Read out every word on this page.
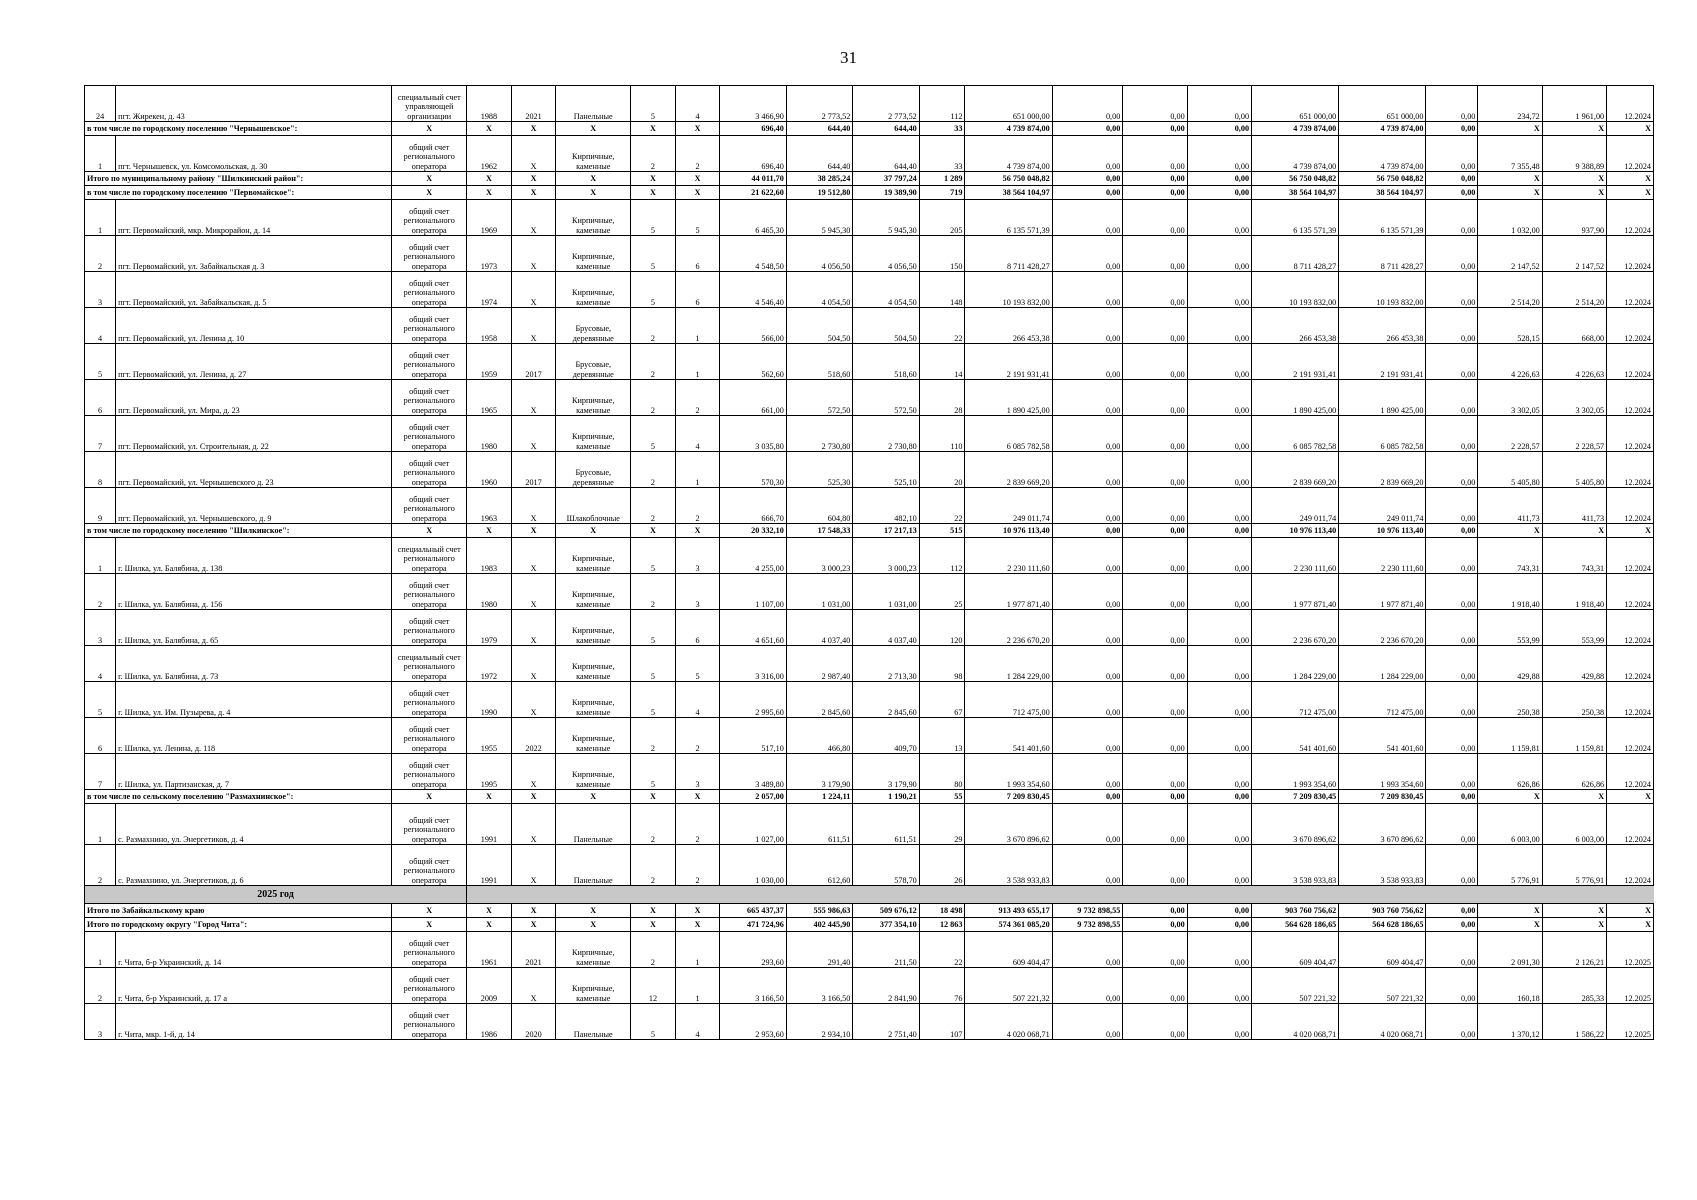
31
24	пгт. Жирекен, д. 43	специальный счет управляющей организации	1988	2021	Панельные	5	4	3 466,90	2 773,52	2 773,52	112	651 000,00	0,00	0,00	0,00	651 000,00	651 000,00	0,00	234,72	1 961,00	12.2024
в том числе по городскому поселению "Чернышевское":		X	X	X	X	X	X	696,40	644,40	644,40	33	4 739 874,00	0,00	0,00	0,00	4 739 874,00	4 739 874,00	0,00	X	X	X
1	пгт. Чернышевск, ул. Комсомольская, д. 30	общий счет регионального оператора	1962	X	Кирпичные, каменные	2	2	696,40	644,40	644,40	33	4 739 874,00	0,00	0,00	0,00	4 739 874,00	4 739 874,00	0,00	7 355,48	9 388,89	12.2024
Итого по муниципальному району "Шилкинский район":		X	X	X	X	X	X	44 011,70	38 285,24	37 797,24	1 289	56 750 048,82	0,00	0,00	0,00	56 750 048,82	56 750 048,82	0,00	X	X	X
в том числе по городскому поселению "Первомайское":		X	X	X	X	X	X	21 622,60	19 512,80	19 389,90	719	38 564 104,97	0,00	0,00	0,00	38 564 104,97	38 564 104,97	0,00	X	X	X
1	пгт. Первомайский, мкр. Микрорайон, д. 14	общий счет регионального оператора	1969	X	Кирпичные, каменные	5	5	6 465,30	5 945,30	5 945,30	205	6 135 571,39	0,00	0,00	0,00	6 135 571,39	6 135 571,39	0,00	1 032,00	937,90	12.2024
2	пгт. Первомайский, ул. Забайкальская д. 3	общий счет регионального оператора	1973	X	Кирпичные, каменные	5	6	4 548,50	4 056,50	4 056,50	150	8 711 428,27	0,00	0,00	0,00	8 711 428,27	8 711 428,27	0,00	2 147,52	2 147,52	12.2024
3	пгт. Первомайский, ул. Забайкальская, д. 5	общий счет регионального оператора	1974	X	Кирпичные, каменные	5	6	4 546,40	4 054,50	4 054,50	148	10 193 832,00	0,00	0,00	0,00	10 193 832,00	10 193 832,00	0,00	2 514,20	2 514,20	12.2024
4	пгт. Первомайский, ул. Ленина д. 10	общий счет регионального оператора	1958	X	Брусовые, деревянные	2	1	566,00	504,50	504,50	22	266 453,38	0,00	0,00	0,00	266 453,38	266 453,38	0,00	528,15	668,00	12.2024
5	пгт. Первомайский, ул. Ленина, д. 27	общий счет регионального оператора	1959	2017	Брусовые, деревянные	2	1	562,60	518,60	518,60	14	2 191 931,41	0,00	0,00	0,00	2 191 931,41	2 191 931,41	0,00	4 226,63	4 226,63	12.2024
6	пгт. Первомайский, ул. Мира, д. 23	общий счет регионального оператора	1965	X	Кирпичные, каменные	2	2	661,00	572,50	572,50	28	1 890 425,00	0,00	0,00	0,00	1 890 425,00	1 890 425,00	0,00	3 302,05	3 302,05	12.2024
7	пгт. Первомайский, ул. Строительная, д. 22	общий счет регионального оператора	1980	X	Кирпичные, каменные	5	4	3 035,80	2 730,80	2 730,80	110	6 085 782,58	0,00	0,00	0,00	6 085 782,58	6 085 782,58	0,00	2 228,57	2 228,57	12.2024
8	пгт. Первомайский, ул. Чернышевского д. 23	общий счет регионального оператора	1960	2017	Брусовые, деревянные	2	1	570,30	525,30	525,10	20	2 839 669,20	0,00	0,00	0,00	2 839 669,20	2 839 669,20	0,00	5 405,80	5 405,80	12.2024
9	пгт. Первомайский, ул. Чернышевского, д. 9	общий счет регионального оператора	1963	X	Шлакоблочные	2	2	666,70	604,80	482,10	22	249 011,74	0,00	0,00	0,00	249 011,74	249 011,74	0,00	411,73	411,73	12.2024
в том числе по городскому поселению "Шилкинское":		X	X	X	X	X	X	20 332,10	17 548,33	17 217,13	515	10 976 113,40	0,00	0,00	0,00	10 976 113,40	10 976 113,40	0,00	X	X	X
1	г. Шилка, ул. Балябина, д. 138	специальный счет регионального оператора	1983	X	Кирпичные, каменные	5	3	4 255,00	3 000,23	3 000,23	112	2 230 111,60	0,00	0,00	0,00	2 230 111,60	2 230 111,60	0,00	743,31	743,31	12.2024
2	г. Шилка, ул. Балябина, д. 156	общий счет регионального оператора	1980	X	Кирпичные, каменные	2	3	1 107,00	1 031,00	1 031,00	25	1 977 871,40	0,00	0,00	0,00	1 977 871,40	1 977 871,40	0,00	1 918,40	1 918,40	12.2024
3	г. Шилка, ул. Балябина, д. 65	общий счет регионального оператора	1979	X	Кирпичные, каменные	5	6	4 651,60	4 037,40	4 037,40	120	2 236 670,20	0,00	0,00	0,00	2 236 670,20	2 236 670,20	0,00	553,99	553,99	12.2024
4	г. Шилка, ул. Балябина, д. 73	специальный счет регионального оператора	1972	X	Кирпичные, каменные	5	5	3 316,00	2 987,40	2 713,30	98	1 284 229,00	0,00	0,00	0,00	1 284 229,00	1 284 229,00	0,00	429,88	429,88	12.2024
5	г. Шилка, ул. Им. Пузырева, д. 4	общий счет регионального оператора	1990	X	Кирпичные, каменные	5	4	2 995,60	2 845,60	2 845,60	67	712 475,00	0,00	0,00	0,00	712 475,00	712 475,00	0,00	250,38	250,38	12.2024
6	г. Шилка, ул. Ленина, д. 118	общий счет регионального оператора	1955	2022	Кирпичные, каменные	2	2	517,10	466,80	409,70	13	541 401,60	0,00	0,00	0,00	541 401,60	541 401,60	0,00	1 159,81	1 159,81	12.2024
7	г. Шилка, ул. Партизанская, д. 7	общий счет регионального оператора	1995	X	Кирпичные, каменные	5	3	3 489,80	3 179,90	3 179,90	80	1 993 354,60	0,00	0,00	0,00	1 993 354,60	1 993 354,60	0,00	626,86	626,86	12.2024
в том числе по сельскому поселению "Размахнинское":		X	X	X	X	X	X	2 057,00	1 224,11	1 190,21	55	7 209 830,45	0,00	0,00	0,00	7 209 830,45	7 209 830,45	0,00	X	X	X
1	с. Размахнино, ул. Энергетиков, д. 4	общий счет регионального оператора	1991	X	Панельные	2	2	1 027,00	611,51	611,51	29	3 670 896,62	0,00	0,00	0,00	3 670 896,62	3 670 896,62	0,00	6 003,00	6 003,00	12.2024
2	с. Размахнино, ул. Энергетиков, д. 6	общий счет регионального оператора	1991	X	Панельные	2	2	1 030,00	612,60	578,70	26	3 538 933,83	0,00	0,00	0,00	3 538 933,83	3 538 933,83	0,00	5 776,91	5 776,91	12.2024
2025 год																					
Итого по Забайкальскому краю		X	X	X	X	X	X	665 437,37	555 986,63	509 676,12	18 498	913 493 655,17	9 732 898,55	0,00	0,00	903 760 756,62	903 760 756,62	0,00	X	X	X
Итого по городскому округу "Город Чита":		X	X	X	X	X	X	471 724,96	402 445,90	377 354,10	12 863	574 361 085,20	9 732 898,55	0,00	0,00	564 628 186,65	564 628 186,65	0,00	X	X	X
1	г. Чита, б-р Украинский, д. 14	общий счет регионального оператора	1961	2021	Кирпичные, каменные	2	1	293,60	291,40	211,50	22	609 404,47	0,00	0,00	0,00	609 404,47	609 404,47	0,00	2 091,30	2 126,21	12.2025
2	г. Чита, б-р Украинский, д. 17 а	общий счет регионального оператора	2009	X	Кирпичные, каменные	12	1	3 166,50	3 166,50	2 841,90	76	507 221,32	0,00	0,00	0,00	507 221,32	507 221,32	0,00	160,18	285,33	12.2025
3	г. Чита, мкр. 1-й, д. 14	общий счет регионального оператора	1986	2020	Панельные	5	4	2 953,60	2 934,10	2 751,40	107	4 020 068,71	0,00	0,00	0,00	4 020 068,71	4 020 068,71	0,00	1 370,12	1 586,22	12.2025
